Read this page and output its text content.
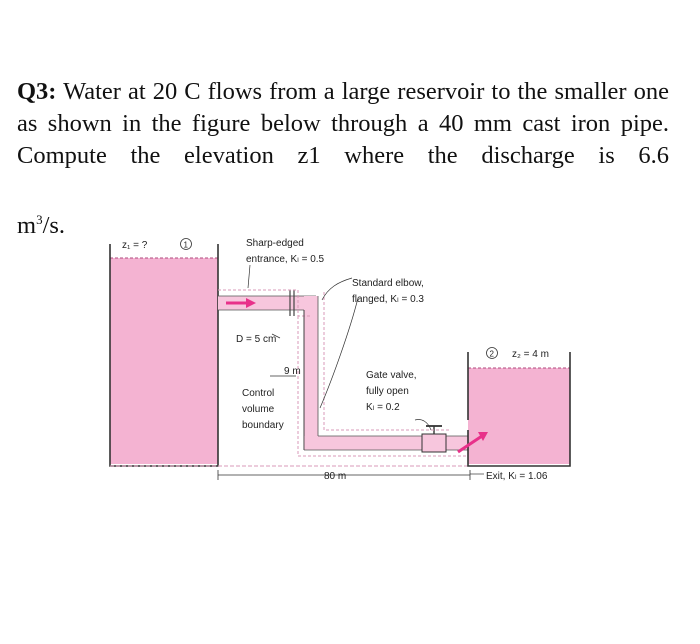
Q3: Water at 20 C flows from a large reservoir to the smaller one as shown in the figure below through a 40 mm cast iron pipe. Compute the elevation z1 where the discharge is 6.6
$m^3/s$.

z₁ = ?	1	Sharp-edged
entrance, Kₗ = 0.5
Standard elbow,
flanged, Kₗ = 0.3
D = 5 cm
9 m
Control
volume
boundary
2 z₂ = 4 m
Gate valve,
fully open
Kₗ = 0.2
80 m	Exit, Kₗ = 1.06
